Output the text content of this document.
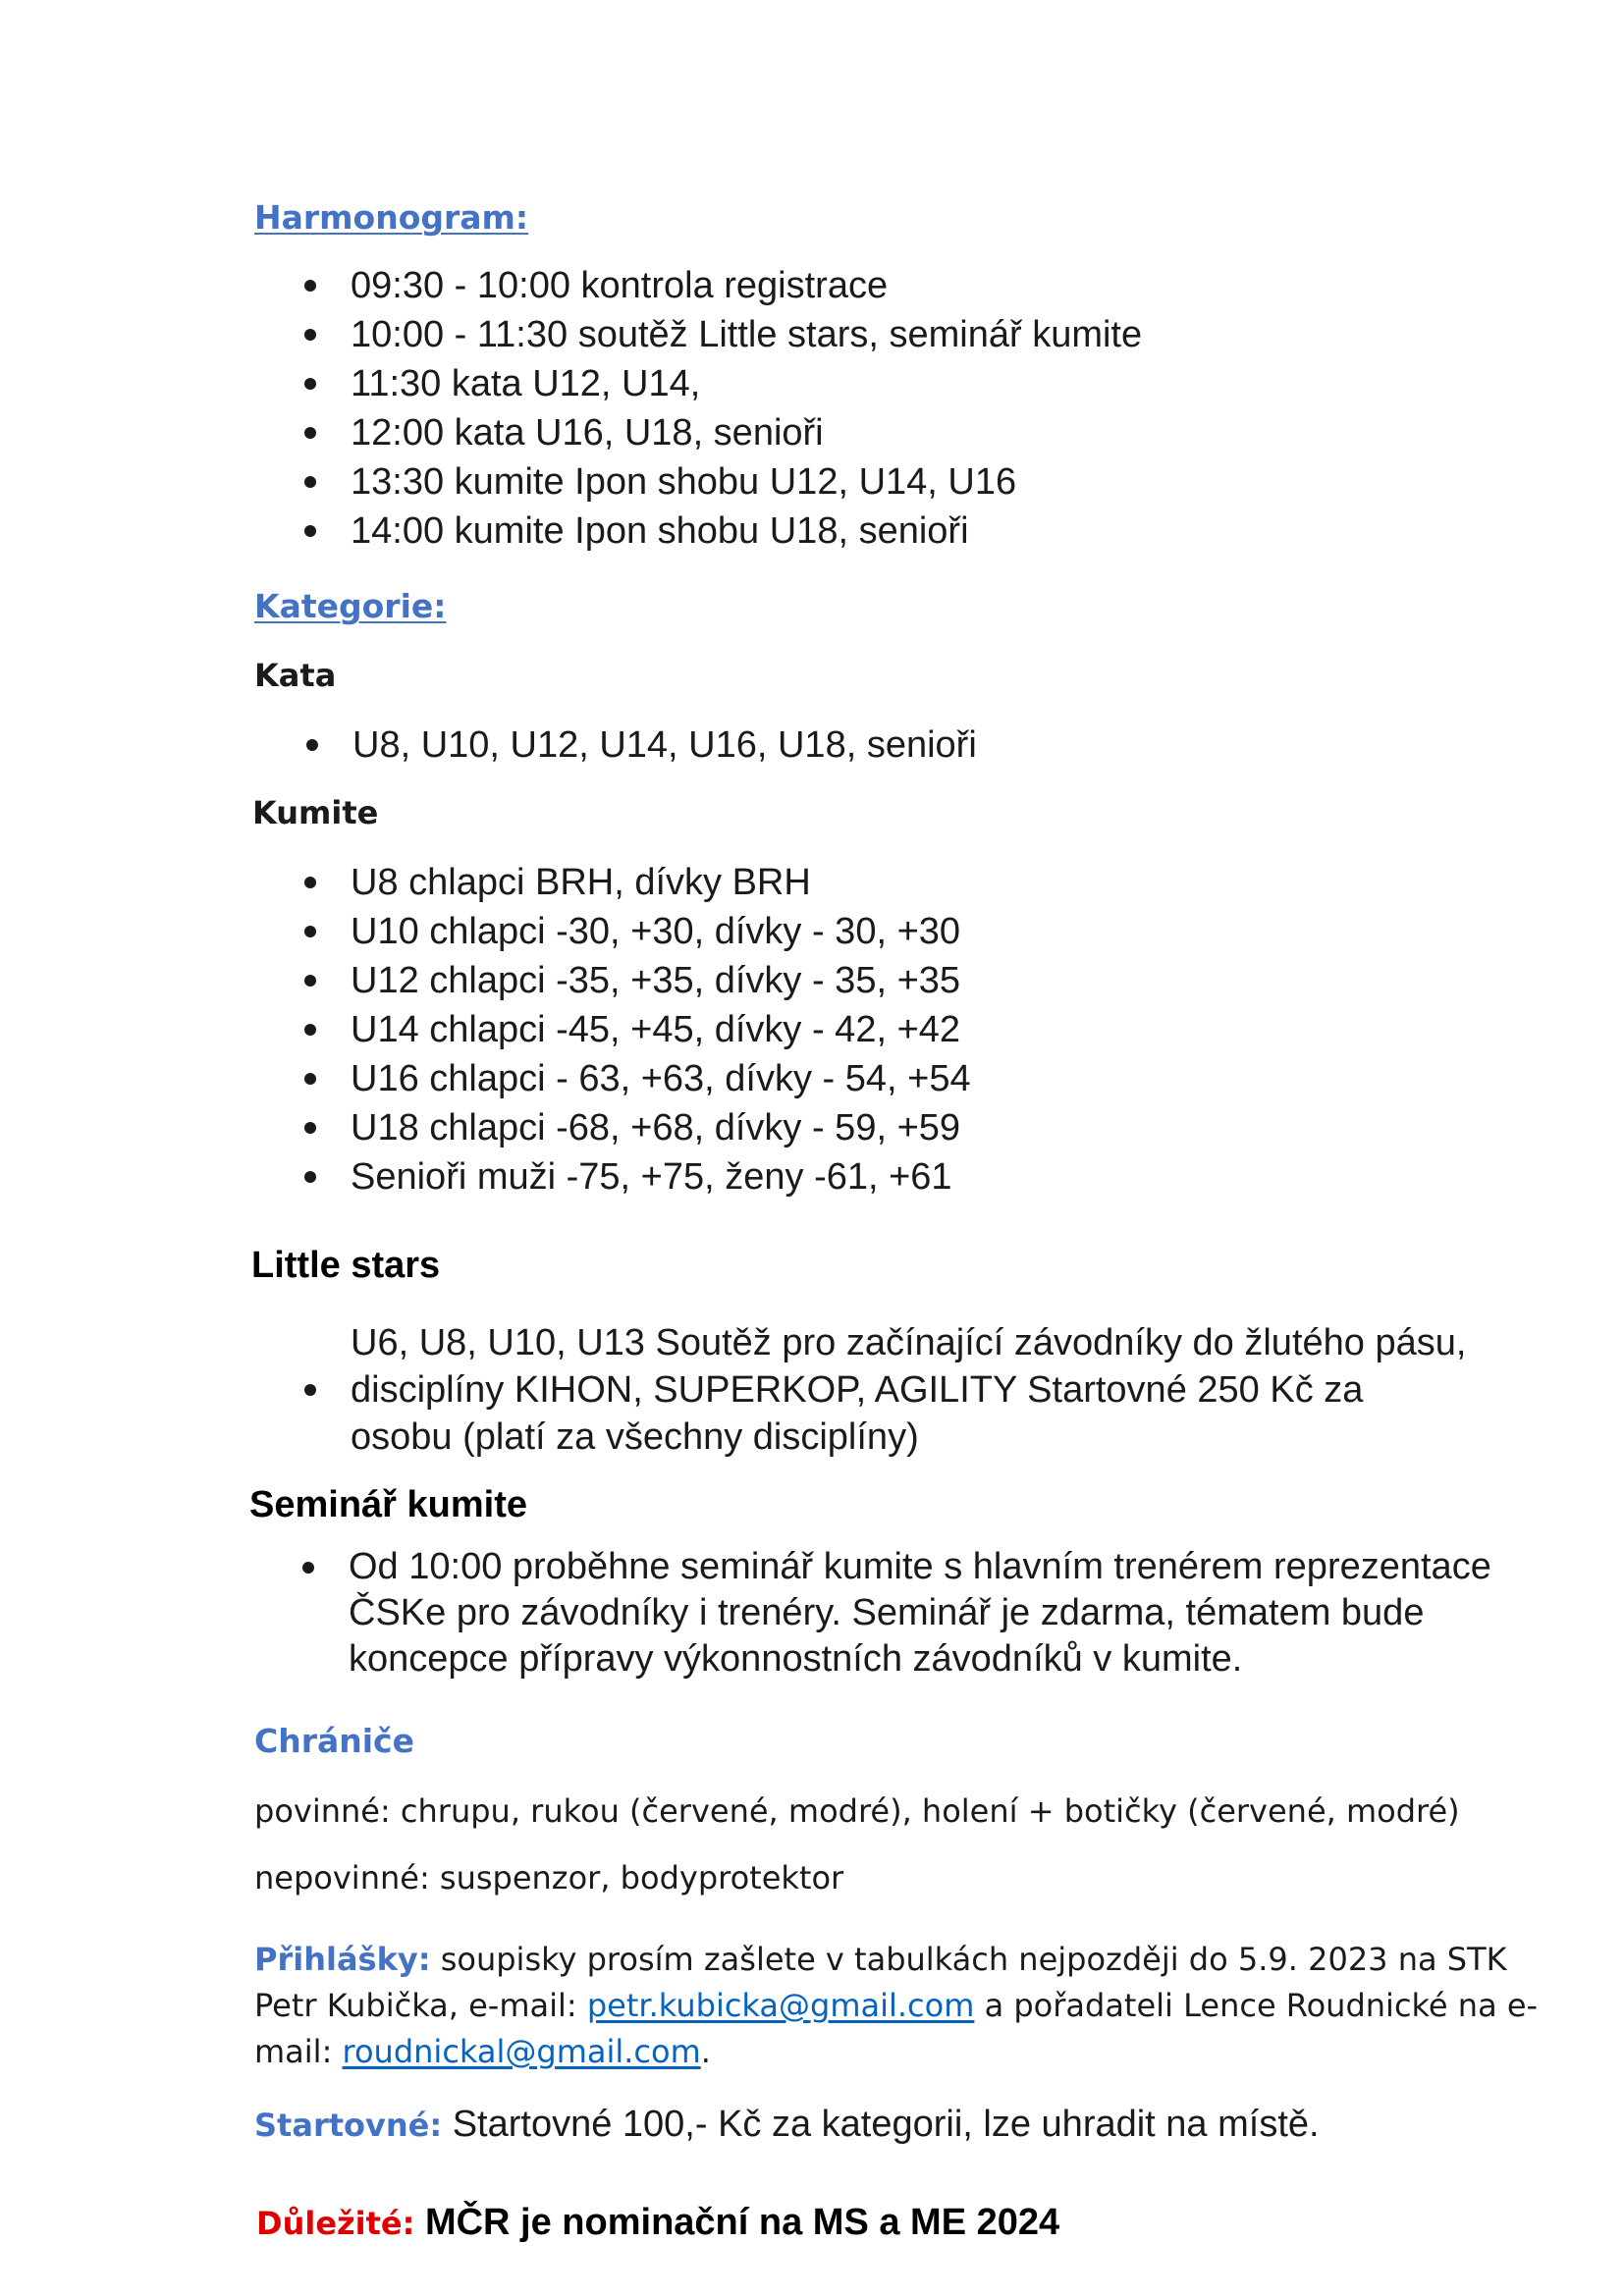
Harmonogram:
09:30 - 10:00 kontrola registrace
10:00 - 11:30 soutěž Little stars, seminář kumite
11:30 kata U12, U14,
12:00 kata U16, U18, senioři
13:30 kumite Ipon shobu U12, U14, U16
14:00 kumite Ipon shobu U18, senioři
Kategorie:
Kata
U8, U10, U12, U14, U16, U18, senioři
Kumite
U8 chlapci BRH, dívky BRH
U10 chlapci -30, +30, dívky - 30, +30
U12 chlapci -35, +35, dívky - 35, +35
U14 chlapci -45, +45, dívky - 42, +42
U16 chlapci - 63, +63, dívky - 54, +54
U18 chlapci -68, +68, dívky - 59, +59
Senioři muži -75, +75, ženy -61, +61
Little stars
U6, U8, U10, U13 Soutěž pro začínající závodníky do žlutého pásu,
disciplíny KIHON, SUPERKOP, AGILITY Startovné 250 Kč za
osobu (platí za všechny disciplíny)
Seminář kumite
Od 10:00 proběhne seminář kumite s hlavním trenérem reprezentace
ČSKe pro závodníky i trenéry. Seminář je zdarma, tématem bude
koncepce přípravy výkonnostních závodníků v kumite.
Chrániče
povinné: chrupu, rukou (červené, modré), holení + botičky (červené, modré)
nepovinné: suspenzor, bodyprotektor
Přihlášky: soupisky prosím zašlete v tabulkách nejpozději do 5.9. 2023 na STK
Petr Kubička, e-mail: petr.kubicka@gmail.com a pořadateli Lence Roudnické na e-
mail: roudnickal@gmail.com.
Startovné: Startovné 100,- Kč za kategorii, lze uhradit na místě.
Důležité: MČR je nominační na MS a ME 2024
